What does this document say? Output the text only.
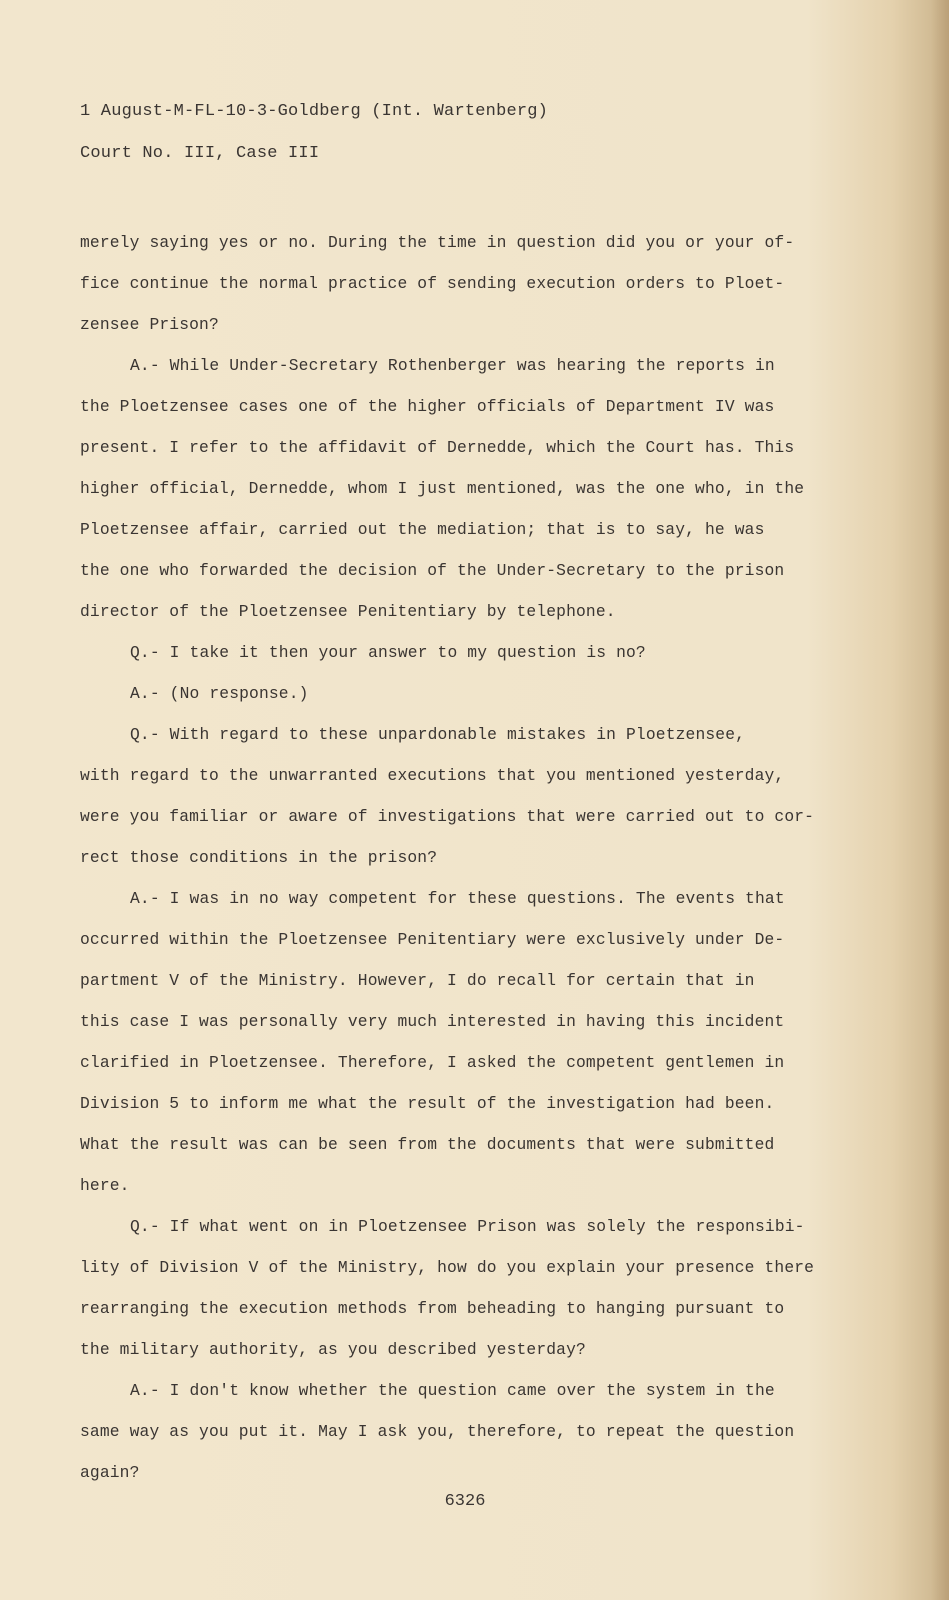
1 August-M-FL-10-3-Goldberg (Int. Wartenberg)
Court No. III, Case III
merely saying yes or no. During the time in question did you or your of-
fice continue the normal practice of sending execution orders to Ploet-
zensee Prison?
A.- While Under-Secretary Rothenberger was hearing the reports in
the Ploetzensee cases one of the higher officials of Department IV was
present. I refer to the affidavit of Dernedde, which the Court has. This
higher official, Dernedde, whom I just mentioned, was the one who, in the
Ploetzensee affair, carried out the mediation; that is to say, he was
the one who forwarded the decision of the Under-Secretary to the prison
director of the Ploetzensee Penitentiary by telephone.
Q.- I take it then your answer to my question is no?
A.- (No response.)
Q.- With regard to these unpardonable mistakes in Ploetzensee,
with regard to the unwarranted executions that you mentioned yesterday,
were you familiar or aware of investigations that were carried out to cor-
rect those conditions in the prison?
A.- I was in no way competent for these questions. The events that
occurred within the Ploetzensee Penitentiary were exclusively under De-
partment V of the Ministry. However, I do recall for certain that in
this case I was personally very much interested in having this incident
clarified in Ploetzensee. Therefore, I asked the competent gentlemen in
Division 5 to inform me what the result of the investigation had been.
What the result was can be seen from the documents that were submitted
here.
Q.- If what went on in Ploetzensee Prison was solely the responsibi-
lity of Division V of the Ministry, how do you explain your presence there
rearranging the execution methods from beheading to hanging pursuant to
the military authority, as you described yesterday?
A.- I don't know whether the question came over the system in the
same way as you put it. May I ask you, therefore, to repeat the question
again?
6326
